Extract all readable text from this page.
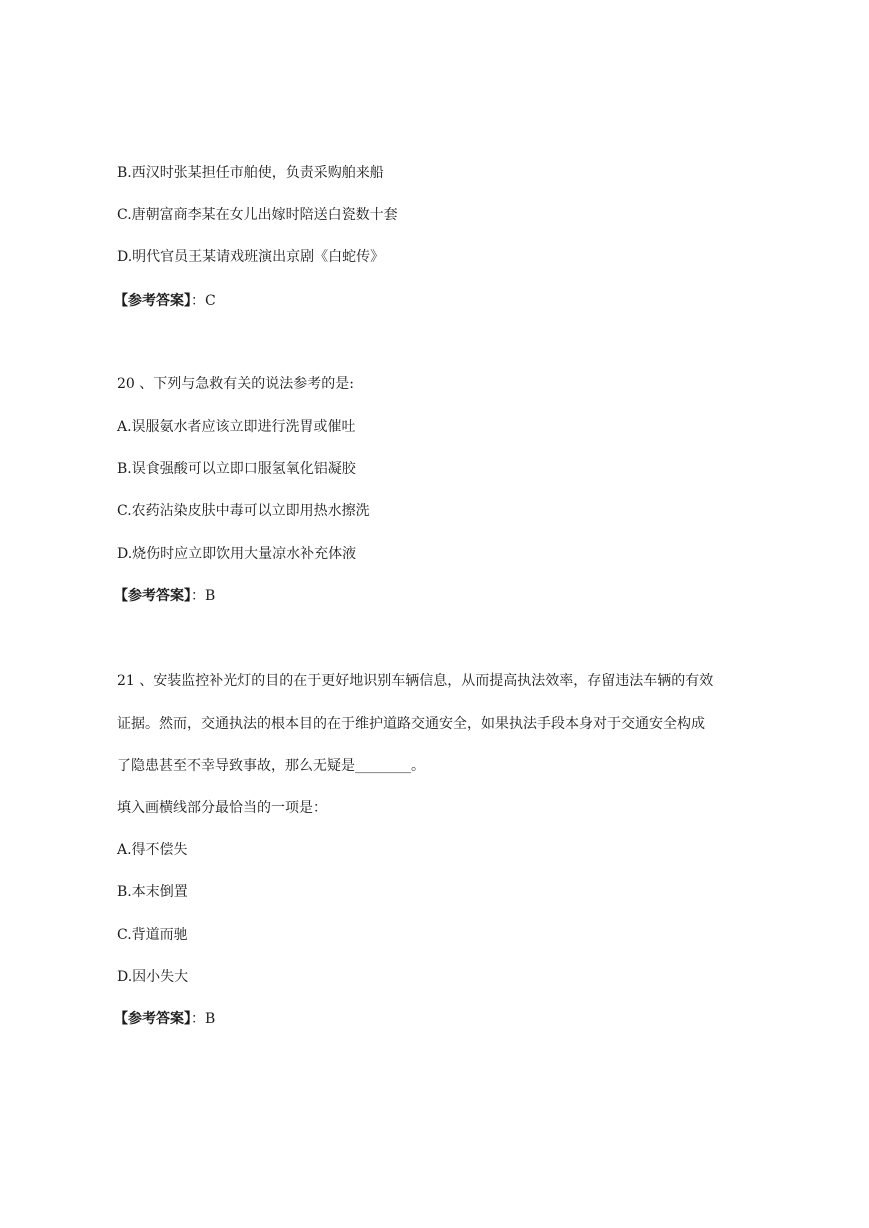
B.西汉时张某担任市舶使，负责采购舶来船
C.唐朝富商李某在女儿出嫁时陪送白瓷数十套
D.明代官员王某请戏班演出京剧《白蛇传》
【参考答案】：C
20 、下列与急救有关的说法参考的是:
A.误服氨水者应该立即进行洗胃或催吐
B.误食强酸可以立即口服氢氧化铝凝胶
C.农药沾染皮肤中毒可以立即用热水擦洗
D.烧伤时应立即饮用大量凉水补充体液
【参考答案】：B
21 、安装监控补光灯的目的在于更好地识别车辆信息，从而提高执法效率，存留违法车辆的有效
证据。然而，交通执法的根本目的在于维护道路交通安全，如果执法手段本身对于交通安全构成
了隐患甚至不幸导致事故，那么无疑是________。
填入画横线部分最恰当的一项是：
A.得不偿失
B.本末倒置
C.背道而驰
D.因小失大
【参考答案】：B
